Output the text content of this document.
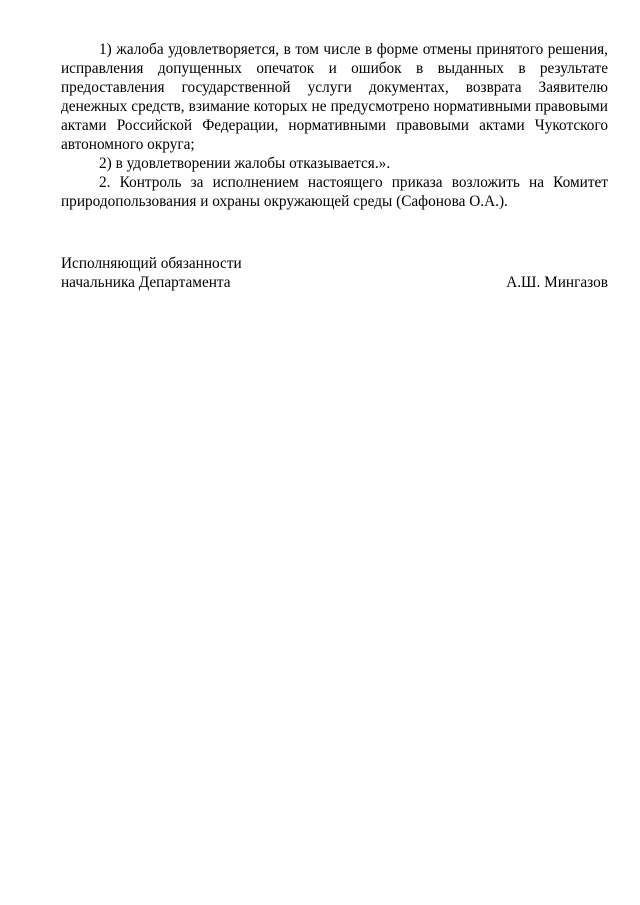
1) жалоба удовлетворяется, в том числе в форме отмены принятого решения, исправления допущенных опечаток и ошибок в выданных в результате предоставления государственной услуги документах, возврата Заявителю денежных средств, взимание которых не предусмотрено нормативными правовыми актами Российской Федерации, нормативными правовыми актами Чукотского автономного округа;

2) в удовлетворении жалобы отказывается.».

2. Контроль за исполнением настоящего приказа возложить на Комитет природопользования и охраны окружающей среды (Сафонова О.А.).

Исполняющий обязанности
начальника Департамента	А.Ш. Мингазов
